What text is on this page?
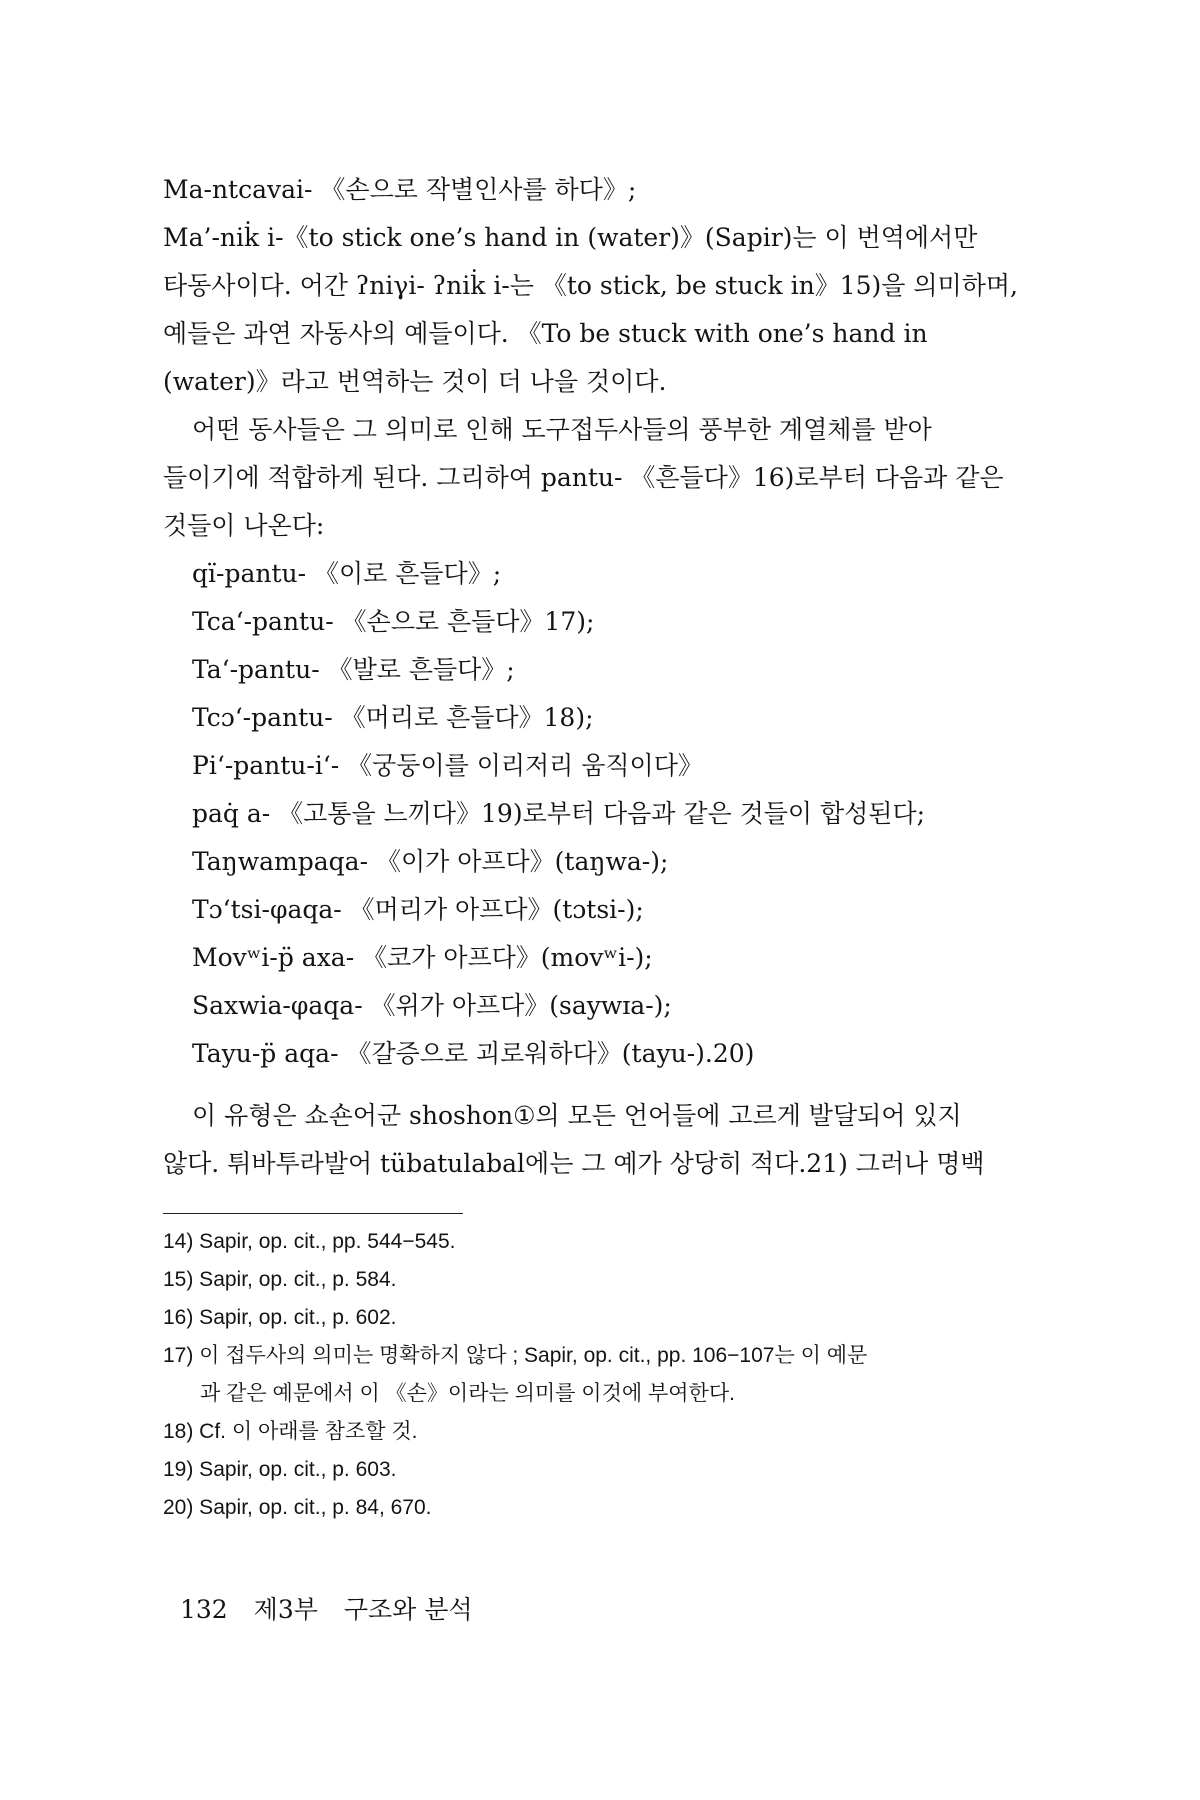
Ma-ntcavai- 《손으로 작별인사를 하다》;
Ma’-nik̇ i-《to stick one’s hand in (water)》(Sapir)는 이 번역에서만
타동사이다. 어간 ʔniγi- ʔnik̇ i-는 《to stick, be stuck in》15)을 의미하며,
예들은 과연 자동사의 예들이다. 《To be stuck with one’s hand in
(water)》라고 번역하는 것이 더 나을 것이다.
어떤 동사들은 그 의미로 인해 도구접두사들의 풍부한 계열체를 받아
들이기에 적합하게 된다. 그리하여 pantu- 《흔들다》16)로부터 다음과 같은
것들이 나온다:
qï-pantu- 《이로 흔들다》;
Tca‘-pantu- 《손으로 흔들다》17);
Ta‘-pantu- 《발로 흔들다》;
Tcɔ‘-pantu- 《머리로 흔들다》18);
Pi‘-pantu-i‘- 《궁둥이를 이리저리 움직이다》
paq̇ a- 《고통을 느끼다》19)로부터 다음과 같은 것들이 합성된다;
Taŋwampaqa- 《이가 아프다》(taŋwa-);
Tɔ‘tsi-φaqa- 《머리가 아프다》(tɔtsi-);
Movʷi-p̈ axa- 《코가 아프다》(movʷi-);
Saxwia-φaqa- 《위가 아프다》(saywɪa-);
Tayu-p̈ aqa- 《갈증으로 괴로워하다》(tayu-).20)
이 유형은 쇼숀어군 shoshon①의 모든 언어들에 고르게 발달되어 있지
않다. 튀바투라발어 tübatulabal에는 그 예가 상당히 적다.21) 그러나 명백
14) Sapir, op. cit., pp. 544−545.
15) Sapir, op. cit., p. 584.
16) Sapir, op. cit., p. 602.
17) 이 접두사의 의미는 명확하지 않다 ; Sapir, op. cit., pp. 106−107는 이 예문
과 같은 예문에서 이 《손》이라는 의미를 이것에 부여한다.
18) Cf. 이 아래를 참조할 것.
19) Sapir, op. cit., p. 603.
20) Sapir, op. cit., p. 84, 670.
132 제3부 구조와 분석
